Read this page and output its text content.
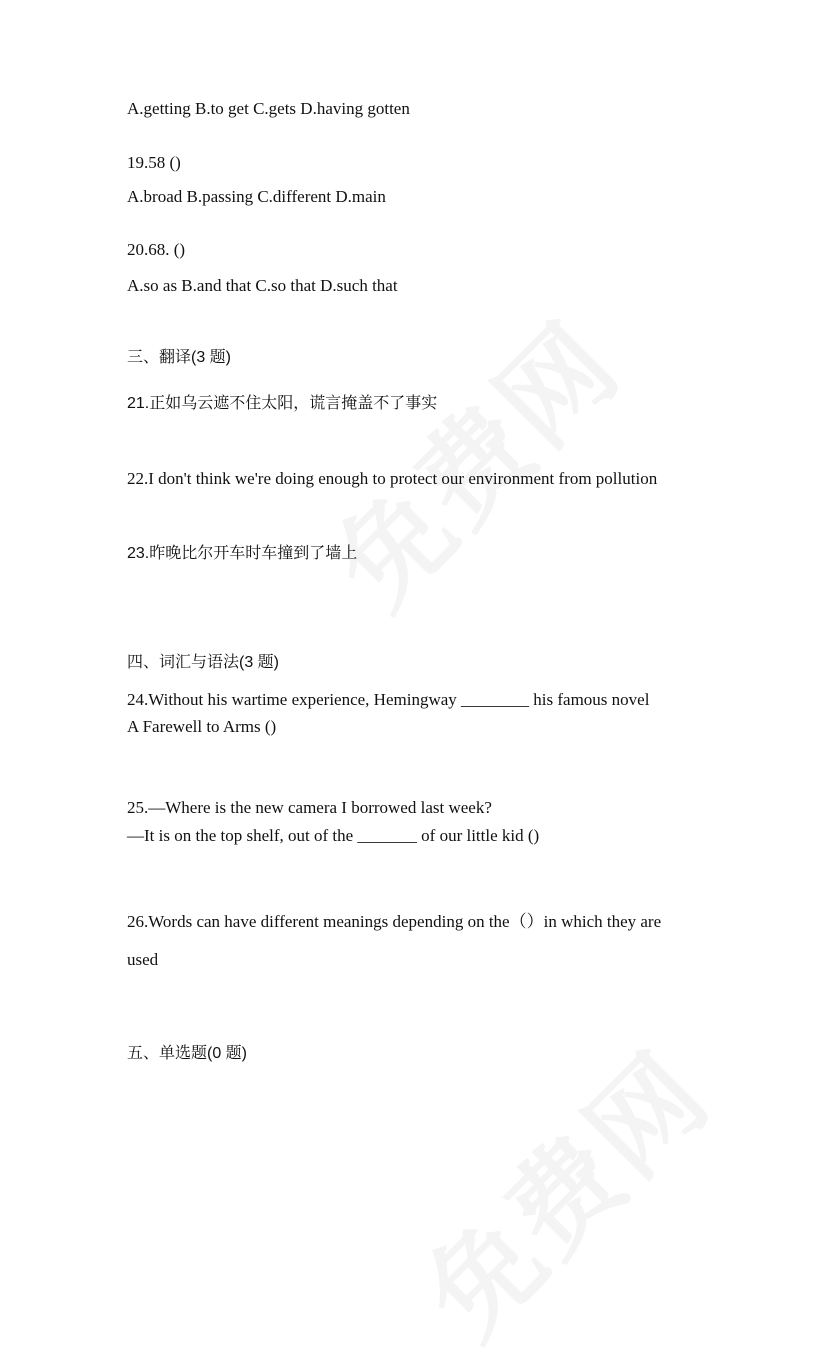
A.getting B.to get C.gets D.having gotten
19.58 ()
A.broad B.passing C.different D.main
20.68. ()
A.so as B.and that C.so that D.such that
三、翻译(3 题)
21.正如乌云遮不住太阳，谎言掩盖不了事实
22.I don't think we're doing enough to protect our environment from pollution
23.昨晚比尔开车时车撞到了墙上
四、词汇与语法(3 题)
24.Without his wartime experience, Hemingway ________ his famous novel
A Farewell to Arms ()
25.—Where is the new camera I borrowed last week?
—It is on the top shelf, out of the _______ of our little kid ()
26.Words can have different meanings depending on the（）in which they are
used
五、单选题(0 题)
